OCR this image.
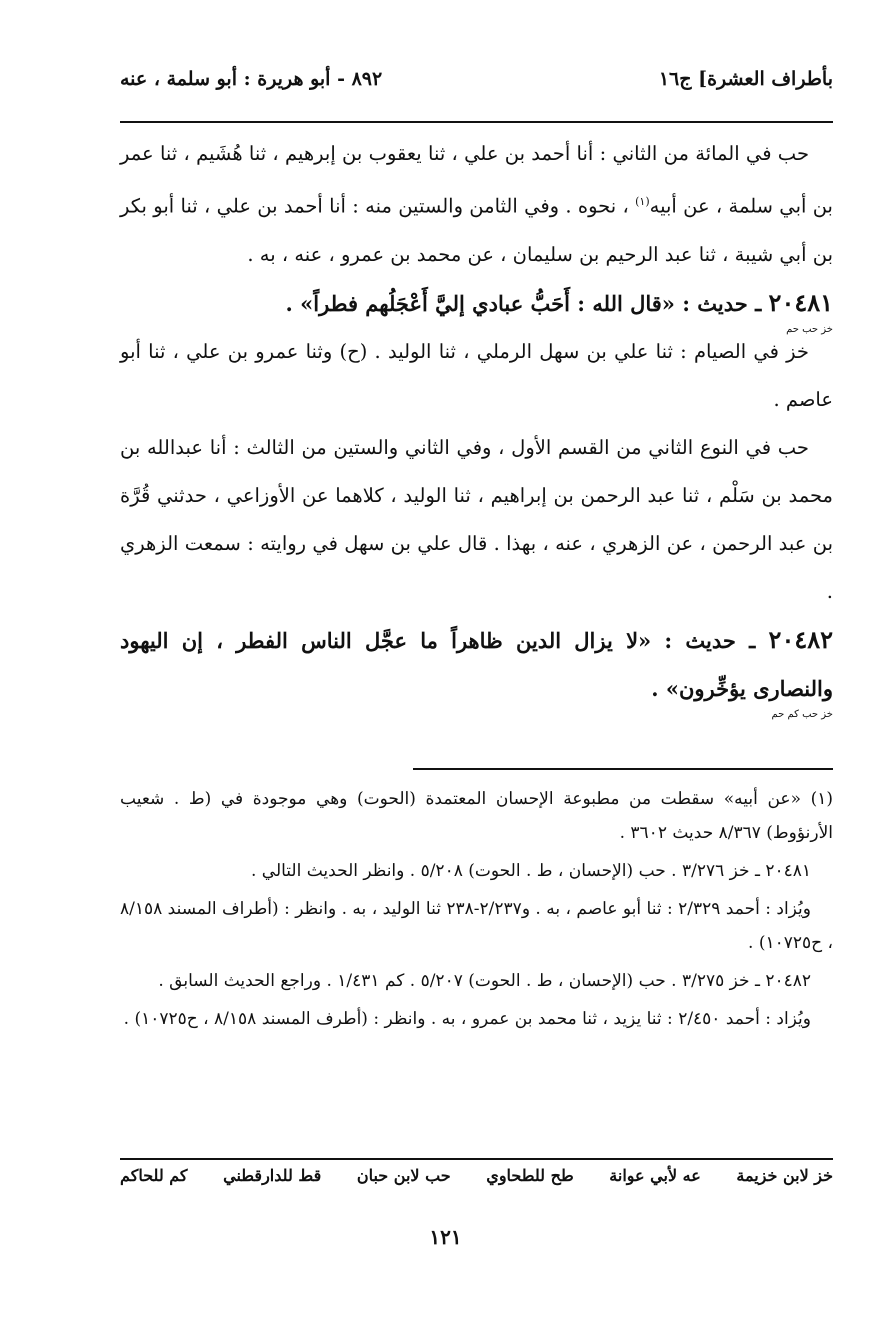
بأطراف العشرة] ج١٦
٨٩٢ - أبو هريرة : أبو سلمة ، عنه

حب في المائة من الثاني : أنا أحمد بن علي ، ثنا يعقوب بن إبرهيم ، ثنا هُشَيم ، ثنا عمر بن أبي سلمة ، عن أبيه$^{(١)}$ ، نحوه . وفي الثامن والستين منه : أنا أحمد بن علي ، ثنا أبو بكر بن أبي شيبة ، ثنا عبد الرحيم بن سليمان ، عن محمد بن عمرو ، عنه ، به .

٢٠٤٨١ ـ حديث : «قال الله : أَحَبُّ عبادي إليَّ أَعْجَلُهم فطراً» .
خز حب حم

خز في الصيام : ثنا علي بن سهل الرملي ، ثنا الوليد . (ح) وثنا عمرو بن علي ، ثنا أبو عاصم .

حب في النوع الثاني من القسم الأول ، وفي الثاني والستين من الثالث : أنا عبدالله بن محمد بن سَلْم ، ثنا عبد الرحمن بن إبراهيم ، ثنا الوليد ، كلاهما عن الأوزاعي ، حدثني قُرَّة بن عبد الرحمن ، عن الزهري ، عنه ، بهذا . قال علي بن سهل في روايته : سمعت الزهري .

٢٠٤٨٢ ـ حديث : «لا يزال الدين ظاهراً ما عجَّل الناس الفطر ، إن اليهود والنصارى يؤخِّرون» .
خز حب كم حم

(١) «عن أبيه» سقطت من مطبوعة الإحسان المعتمدة (الحوت) وهي موجودة في (ط . شعيب الأرنؤوط) ٨/٣٦٧ حديث ٣٦٠٢ .

٢٠٤٨١ ـ خز ٣/٢٧٦ . حب (الإحسان ، ط . الحوت) ٥/٢٠٨ . وانظر الحديث التالي .

ويُزاد : أحمد ٢/٣٢٩ : ثنا أبو عاصم ، به . و٢/٢٣٧-٢٣٨ ثنا الوليد ، به . وانظر : (أطراف المسند ٨/١٥٨ ، ح١٠٧٢٥) .

٢٠٤٨٢ ـ خز ٣/٢٧٥ . حب (الإحسان ، ط . الحوت) ٥/٢٠٧ . كم ١/٤٣١ . وراجع الحديث السابق .

ويُزاد : أحمد ٢/٤٥٠ : ثنا يزيد ، ثنا محمد بن عمرو ، به . وانظر : (أطرف المسند ٨/١٥٨ ، ح١٠٧٢٥) .

خز لابن خزيمة
عه لأبي عوانة
طح للطحاوي
حب لابن حبان
قط للدارقطني
كم للحاكم
١٢١
